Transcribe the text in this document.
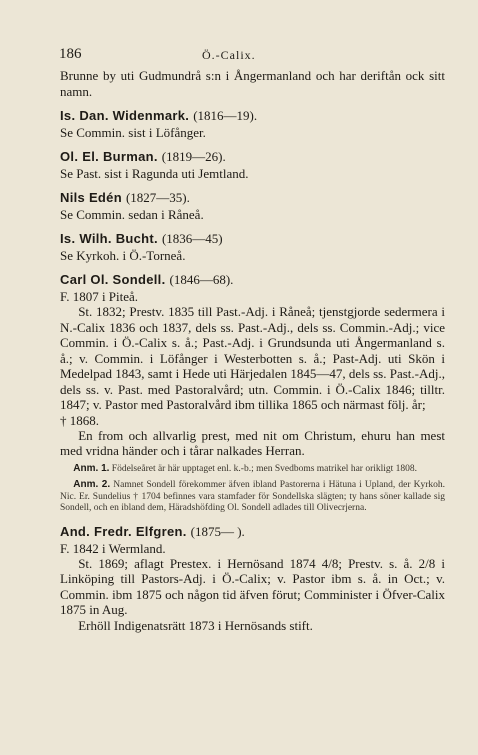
186	Ö.-Calix.

Brunne by uti Gudmundrå s:n i Ångermanland och har deriftån ock sitt namn.

Is. Dan. Widenmark. (1816—19).

Se Commin. sist i Löfånger.

Ol. El. Burman. (1819—26).

Se Past. sist i Ragunda uti Jemtland.

Nils Edén (1827—35).

Se Commin. sedan i Råneå.

Is. Wilh. Bucht. (1836—45)

Se Kyrkoh. i Ö.-Torneå.

Carl Ol. Sondell. (1846—68).

F. 1807 i Piteå.

St. 1832; Prestv. 1835 till Past.-Adj. i Råneå; tjenstgjorde sedermera i N.-Calix 1836 och 1837, dels ss. Past.-Adj., dels ss. Commin.-Adj.; vice Commin. i Ö.-Calix s. å.; Past.-Adj. i Grundsunda uti Ångermanland s. å.; v. Commin. i Löfånger i Westerbotten s. å.; Past-Adj. uti Skön i Medelpad 1843, samt i Hede uti Härjedalen 1845—47, dels ss. Past.-Adj., dels ss. v. Past. med Pastoralvård; utn. Commin. i Ö.-Calix 1846; tilltr. 1847; v. Pastor med Pastoralvård ibm tillika 1865 och närmast följ. år;

† 1868.

En from och allvarlig prest, med nit om Christum, ehuru han mest med vridna händer och i tårar nalkades Herran.

Anm. 1. Födelseåret är här upptaget enl. k.-b.; men Svedboms matrikel har orikligt 1808.

Anm. 2. Namnet Sondell förekommer äfven ibland Pastorerna i Hätuna i Upland, der Kyrkoh. Nic. Er. Sundelius † 1704 befinnes vara stamfader för Sondellska slägten; ty hans söner kallade sig Sondell, och en ibland dem, Häradshöfding Ol. Sondell adlades till Olivecrjerna.

And. Fredr. Elfgren. (1875— ).

F. 1842 i Wermland.

St. 1869; aflagt Prestex. i Hernösand 1874 4/8; Prestv. s. å. 2/8 i Linköping till Pastors-Adj. i Ö.-Calix; v. Pastor ibm s. å. in Oct.; v. Commin. ibm 1875 och någon tid äfven förut; Comminister i Öfver-Calix 1875 in Aug.

Erhöll Indigenatsrätt 1873 i Hernösands stift.
